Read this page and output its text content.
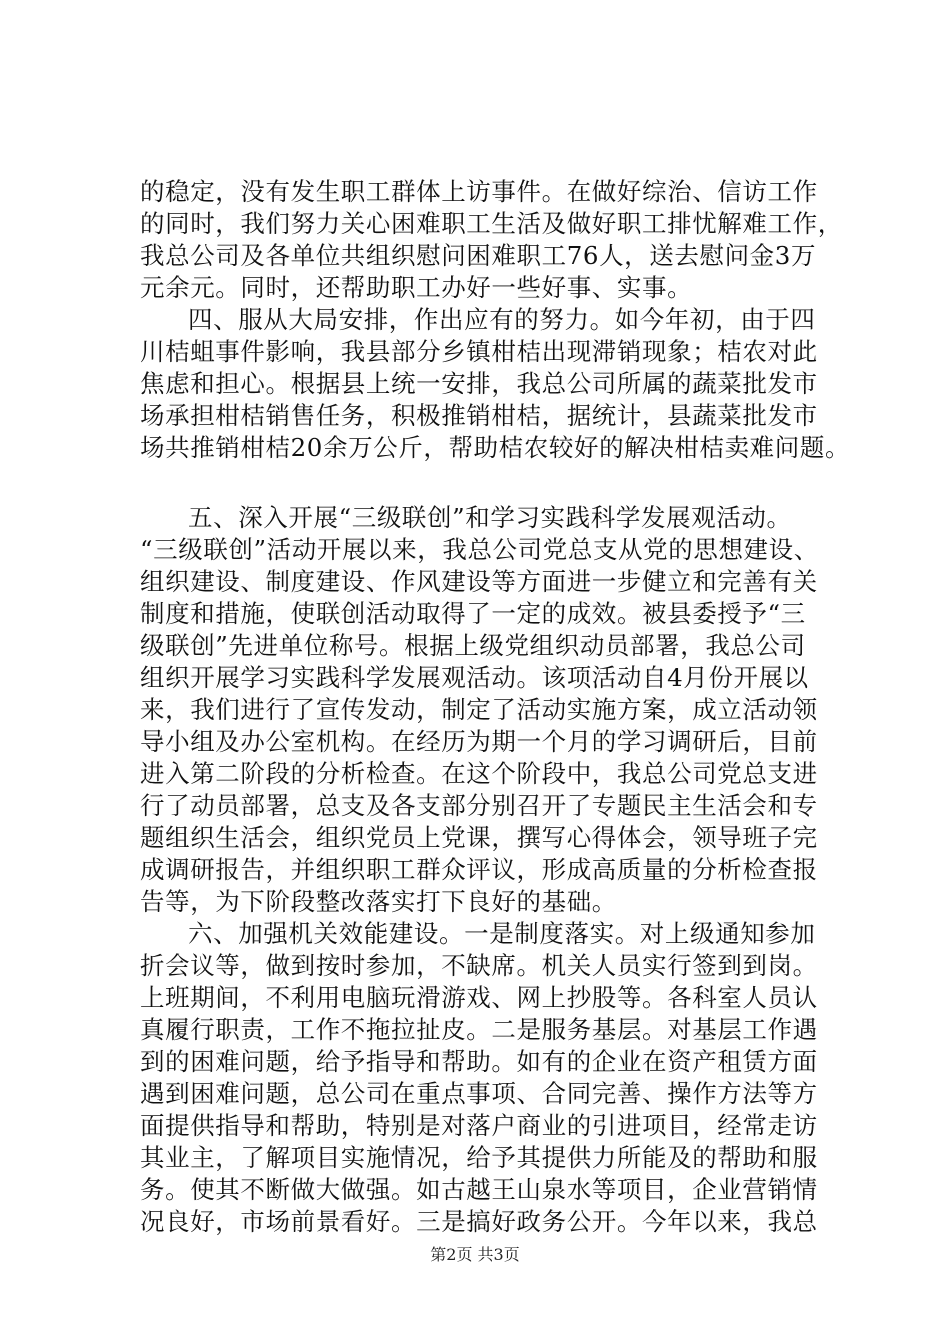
的稳定，没有发生职工群体上访事件。在做好综治、信访工作
的同时，我们努力关心困难职工生活及做好职工排忧解难工作，
我总公司及各单位共组织慰问困难职工76人，送去慰问金3万
元余元。同时，还帮助职工办好一些好事、实事。
四、服从大局安排，作出应有的努力。如今年初，由于四
川桔蛆事件影响，我县部分乡镇柑桔出现滞销现象；桔农对此
焦虑和担心。根据县上统一安排，我总公司所属的蔬菜批发市
场承担柑桔销售任务，积极推销柑桔，据统计，县蔬菜批发市
场共推销柑桔20余万公斤，帮助桔农较好的解决柑桔卖难问题。
五、深入开展“三级联创”和学习实践科学发展观活动。
“三级联创”活动开展以来，我总公司党总支从党的思想建设、
组织建设、制度建设、作风建设等方面进一步健立和完善有关
制度和措施，使联创活动取得了一定的成效。被县委授予“三
级联创”先进单位称号。根据上级党组织动员部署，我总公司
组织开展学习实践科学发展观活动。该项活动自4月份开展以
来，我们进行了宣传发动，制定了活动实施方案，成立活动领
导小组及办公室机构。在经历为期一个月的学习调研后，目前
进入第二阶段的分析检查。在这个阶段中，我总公司党总支进
行了动员部署，总支及各支部分别召开了专题民主生活会和专
题组织生活会，组织党员上党课，撰写心得体会，领导班子完
成调研报告，并组织职工群众评议，形成高质量的分析检查报
告等，为下阶段整改落实打下良好的基础。
六、加强机关效能建设。一是制度落实。对上级通知参加
折会议等，做到按时参加，不缺席。机关人员实行签到到岗。
上班期间，不利用电脑玩滑游戏、网上抄股等。各科室人员认
真履行职责，工作不拖拉扯皮。二是服务基层。对基层工作遇
到的困难问题，给予指导和帮助。如有的企业在资产租赁方面
遇到困难问题，总公司在重点事项、合同完善、操作方法等方
面提供指导和帮助，特别是对落户商业的引进项目，经常走访
其业主，了解项目实施情况，给予其提供力所能及的帮助和服
务。使其不断做大做强。如古越王山泉水等项目，企业营销情
况良好，市场前景看好。三是搞好政务公开。今年以来，我总
第2页 共3页
